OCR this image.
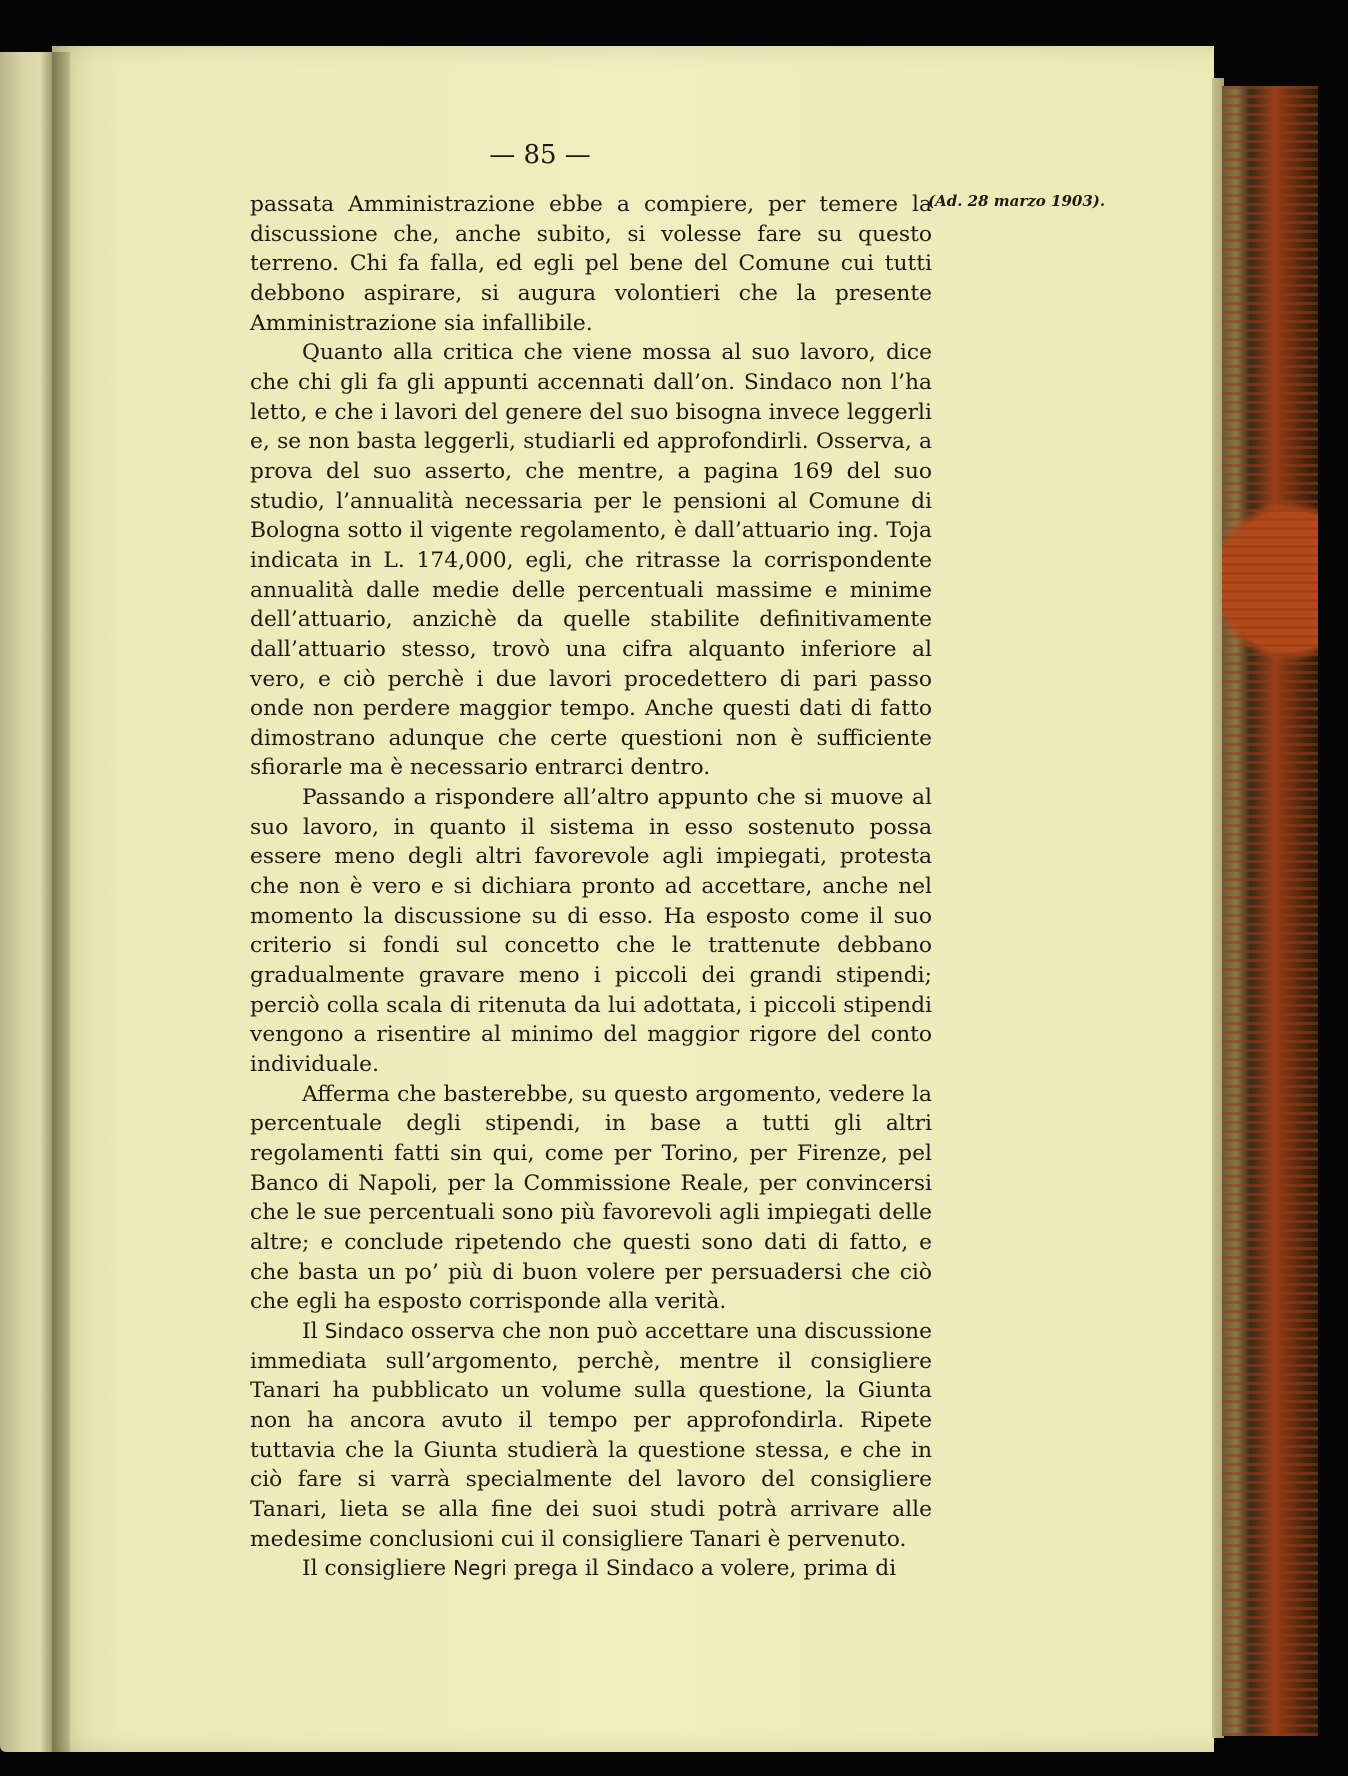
— 85 —
(Ad. 28 marzo 1903).

passata Amministrazione ebbe a compiere, per temere la discussione che, anche subito, si volesse fare su questo terreno. Chi fa falla, ed egli pel bene del Comune cui tutti debbono aspirare, si augura volontieri che la presente Amministrazione sia infallibile.

Quanto alla critica che viene mossa al suo lavoro, dice che chi gli fa gli appunti accennati dall’on. Sindaco non l’ha letto, e che i lavori del genere del suo bisogna invece leggerli e, se non basta leggerli, studiarli ed approfondirli. Osserva, a prova del suo asserto, che mentre, a pagina 169 del suo studio, l’annualità necessaria per le pensioni al Comune di Bologna sotto il vigente regolamento, è dall’attuario ing. Toja indicata in L. 174,000, egli, che ritrasse la corrispondente annualità dalle medie delle percentuali massime e minime dell’attuario, anzichè da quelle stabilite definitivamente dall’attuario stesso, trovò una cifra alquanto inferiore al vero, e ciò perchè i due lavori procedettero di pari passo onde non perdere maggior tempo. Anche questi dati di fatto dimostrano adunque che certe questioni non è sufficiente sfiorarle ma è necessario entrarci dentro.

Passando a rispondere all’altro appunto che si muove al suo lavoro, in quanto il sistema in esso sostenuto possa essere meno degli altri favorevole agli impiegati, protesta che non è vero e si dichiara pronto ad accettare, anche nel momento la discussione su di esso. Ha esposto come il suo criterio si fondi sul concetto che le trattenute debbano gradualmente gravare meno i piccoli dei grandi stipendi; perciò colla scala di ritenuta da lui adottata, i piccoli stipendi vengono a risentire al minimo del maggior rigore del conto individuale.

Afferma che basterebbe, su questo argomento, vedere la percentuale degli stipendi, in base a tutti gli altri regolamenti fatti sin qui, come per Torino, per Firenze, pel Banco di Napoli, per la Commissione Reale, per convincersi che le sue percentuali sono più favorevoli agli impiegati delle altre; e conclude ripetendo che questi sono dati di fatto, e che basta un po’ più di buon volere per persuadersi che ciò che egli ha esposto corrisponde alla verità.

Il Sindaco osserva che non può accettare una discussione immediata sull’argomento, perchè, mentre il consigliere Tanari ha pubblicato un volume sulla questione, la Giunta non ha ancora avuto il tempo per approfondirla. Ripete tuttavia che la Giunta studierà la questione stessa, e che in ciò fare si varrà specialmente del lavoro del consigliere Tanari, lieta se alla fine dei suoi studi potrà arrivare alle medesime conclusioni cui il consigliere Tanari è pervenuto.

Il consigliere Negri prega il Sindaco a volere, prima di
